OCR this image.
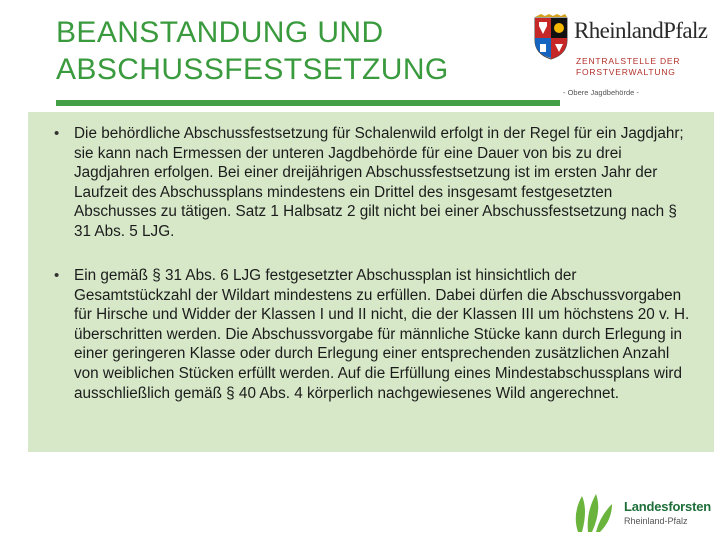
BEANSTANDUNG UND ABSCHUSSFESTSETZUNG
RheinlandPfalz
ZENTRALSTELLE DER
FORSTVERWALTUNG
- Obere Jagdbehörde -
• Die behördliche Abschussfestsetzung für Schalenwild erfolgt in der Regel für ein Jagdjahr; sie kann nach Ermessen der unteren Jagdbehörde für eine Dauer von bis zu drei Jagdjahren erfolgen. Bei einer dreijährigen Abschussfestsetzung ist im ersten Jahr der Laufzeit des Abschussplans mindestens ein Drittel des insgesamt festgesetzten Abschusses zu tätigen. Satz 1 Halbsatz 2 gilt nicht bei einer Abschussfestsetzung nach § 31 Abs. 5 LJG.

• Ein gemäß § 31 Abs. 6 LJG festgesetzter Abschussplan ist hinsichtlich der Gesamtstückzahl der Wildart mindestens zu erfüllen. Dabei dürfen die Abschussvorgaben für Hirsche und Widder der Klassen I und II nicht, die der Klassen III um höchstens 20 v. H. überschritten werden. Die Abschussvorgabe für männliche Stücke kann durch Erlegung in einer geringeren Klasse oder durch Erlegung einer entsprechenden zusätzlichen Anzahl von weiblichen Stücken erfüllt werden. Auf die Erfüllung eines Mindestabschussplans wird ausschließlich gemäß § 40 Abs. 4 körperlich nachgewiesenes Wild angerechnet.

Landesforsten
Rheinland-Pfalz
